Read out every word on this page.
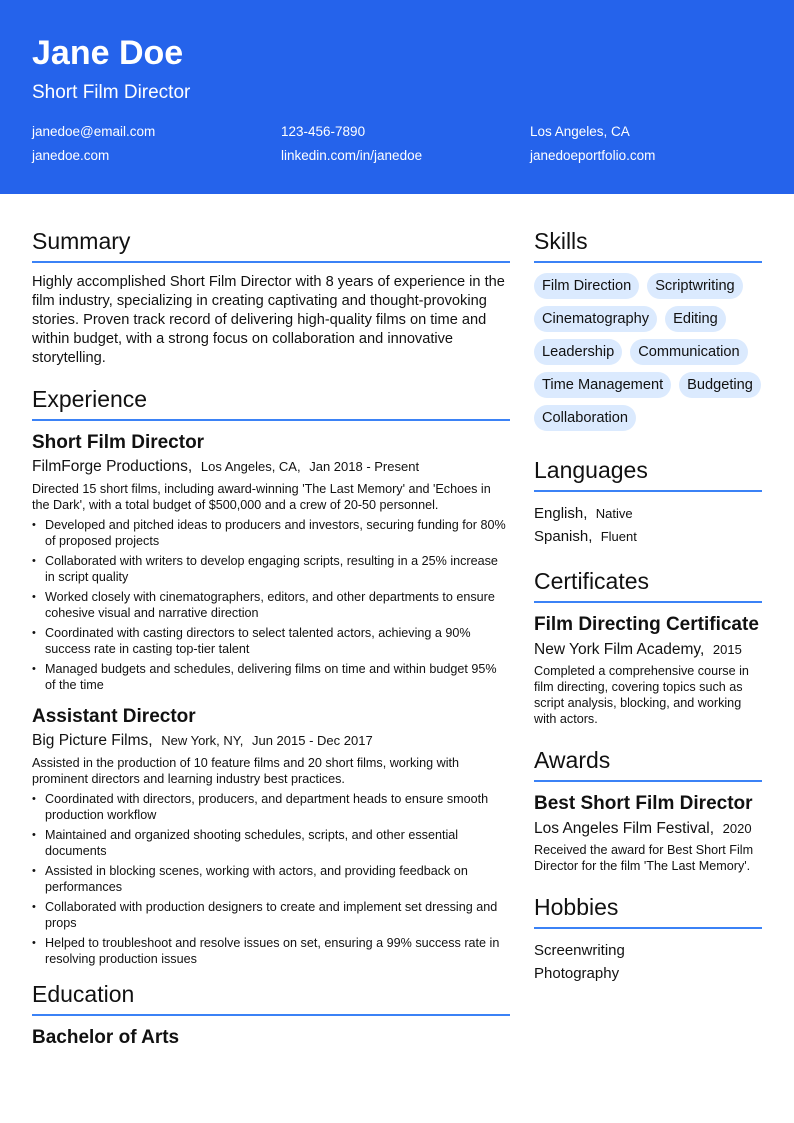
Jane Doe
Short Film Director
janedoe@email.com	123-456-7890	Los Angeles, CA
janedoe.com	linkedin.com/in/janedoe	janedoeportfolio.com
Summary

Highly accomplished Short Film Director with 8 years of experience in the film industry, specializing in creating captivating and thought-provoking stories. Proven track record of delivering high-quality films on time and within budget, with a strong focus on collaboration and innovative storytelling.

Experience
Short Film Director
FilmForge Productions, Los Angeles, CA, Jan 2018 - Present

Directed 15 short films, including award-winning 'The Last Memory' and 'Echoes in the Dark', with a total budget of $500,000 and a crew of 20-50 personnel.

• Developed and pitched ideas to producers and investors, securing funding for 80% of proposed projects
• Collaborated with writers to develop engaging scripts, resulting in a 25% increase in script quality
• Worked closely with cinematographers, editors, and other departments to ensure cohesive visual and narrative direction
• Coordinated with casting directors to select talented actors, achieving a 90% success rate in casting top-tier talent
• Managed budgets and schedules, delivering films on time and within budget 95% of the time
Assistant Director
Big Picture Films, New York, NY, Jun 2015 - Dec 2017

Assisted in the production of 10 feature films and 20 short films, working with prominent directors and learning industry best practices.

• Coordinated with directors, producers, and department heads to ensure smooth production workflow
• Maintained and organized shooting schedules, scripts, and other essential documents
• Assisted in blocking scenes, working with actors, and providing feedback on performances
• Collaborated with production designers to create and implement set dressing and props
• Helped to troubleshoot and resolve issues on set, ensuring a 99% success rate in resolving production issues
Education
Bachelor of Arts
Skills
Film Direction	Scriptwriting
Cinematography	Editing
Leadership	Communication
Time Management	Budgeting
Collaboration
Languages
English, Native
Spanish, Fluent
Certificates
Film Directing Certificate
New York Film Academy, 2015

Completed a comprehensive course in film directing, covering topics such as script analysis, blocking, and working with actors.

Awards
Best Short Film Director
Los Angeles Film Festival, 2020

Received the award for Best Short Film Director for the film 'The Last Memory'.

Hobbies
Screenwriting
Photography
